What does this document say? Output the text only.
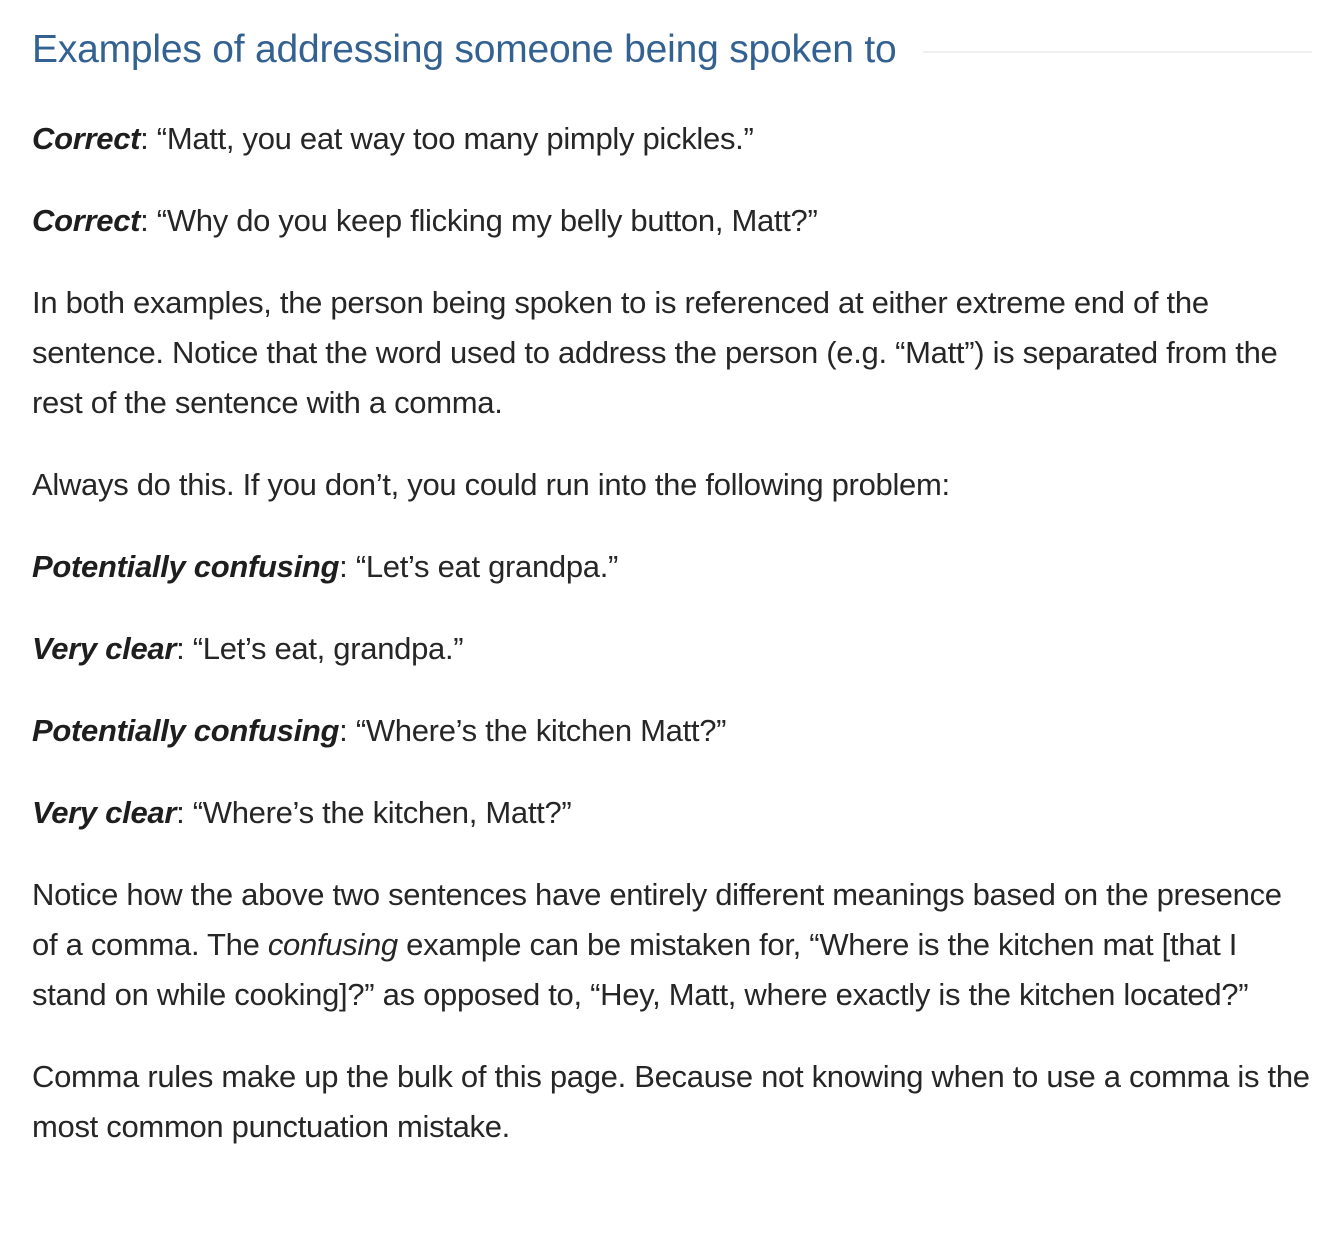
Examples of addressing someone being spoken to

Correct: “Matt, you eat way too many pimply pickles.”

Correct: “Why do you keep flicking my belly button, Matt?”

In both examples, the person being spoken to is referenced at either extreme end of the sentence. Notice that the word used to address the person (e.g. “Matt”) is separated from the rest of the sentence with a comma.

Always do this. If you don’t, you could run into the following problem:

Potentially confusing: “Let’s eat grandpa.”

Very clear: “Let’s eat, grandpa.”

Potentially confusing: “Where’s the kitchen Matt?”

Very clear: “Where’s the kitchen, Matt?”

Notice how the above two sentences have entirely different meanings based on the presence of a comma. The confusing example can be mistaken for, “Where is the kitchen mat [that I stand on while cooking]?” as opposed to, “Hey, Matt, where exactly is the kitchen located?”

Comma rules make up the bulk of this page. Because not knowing when to use a comma is the most common punctuation mistake.
